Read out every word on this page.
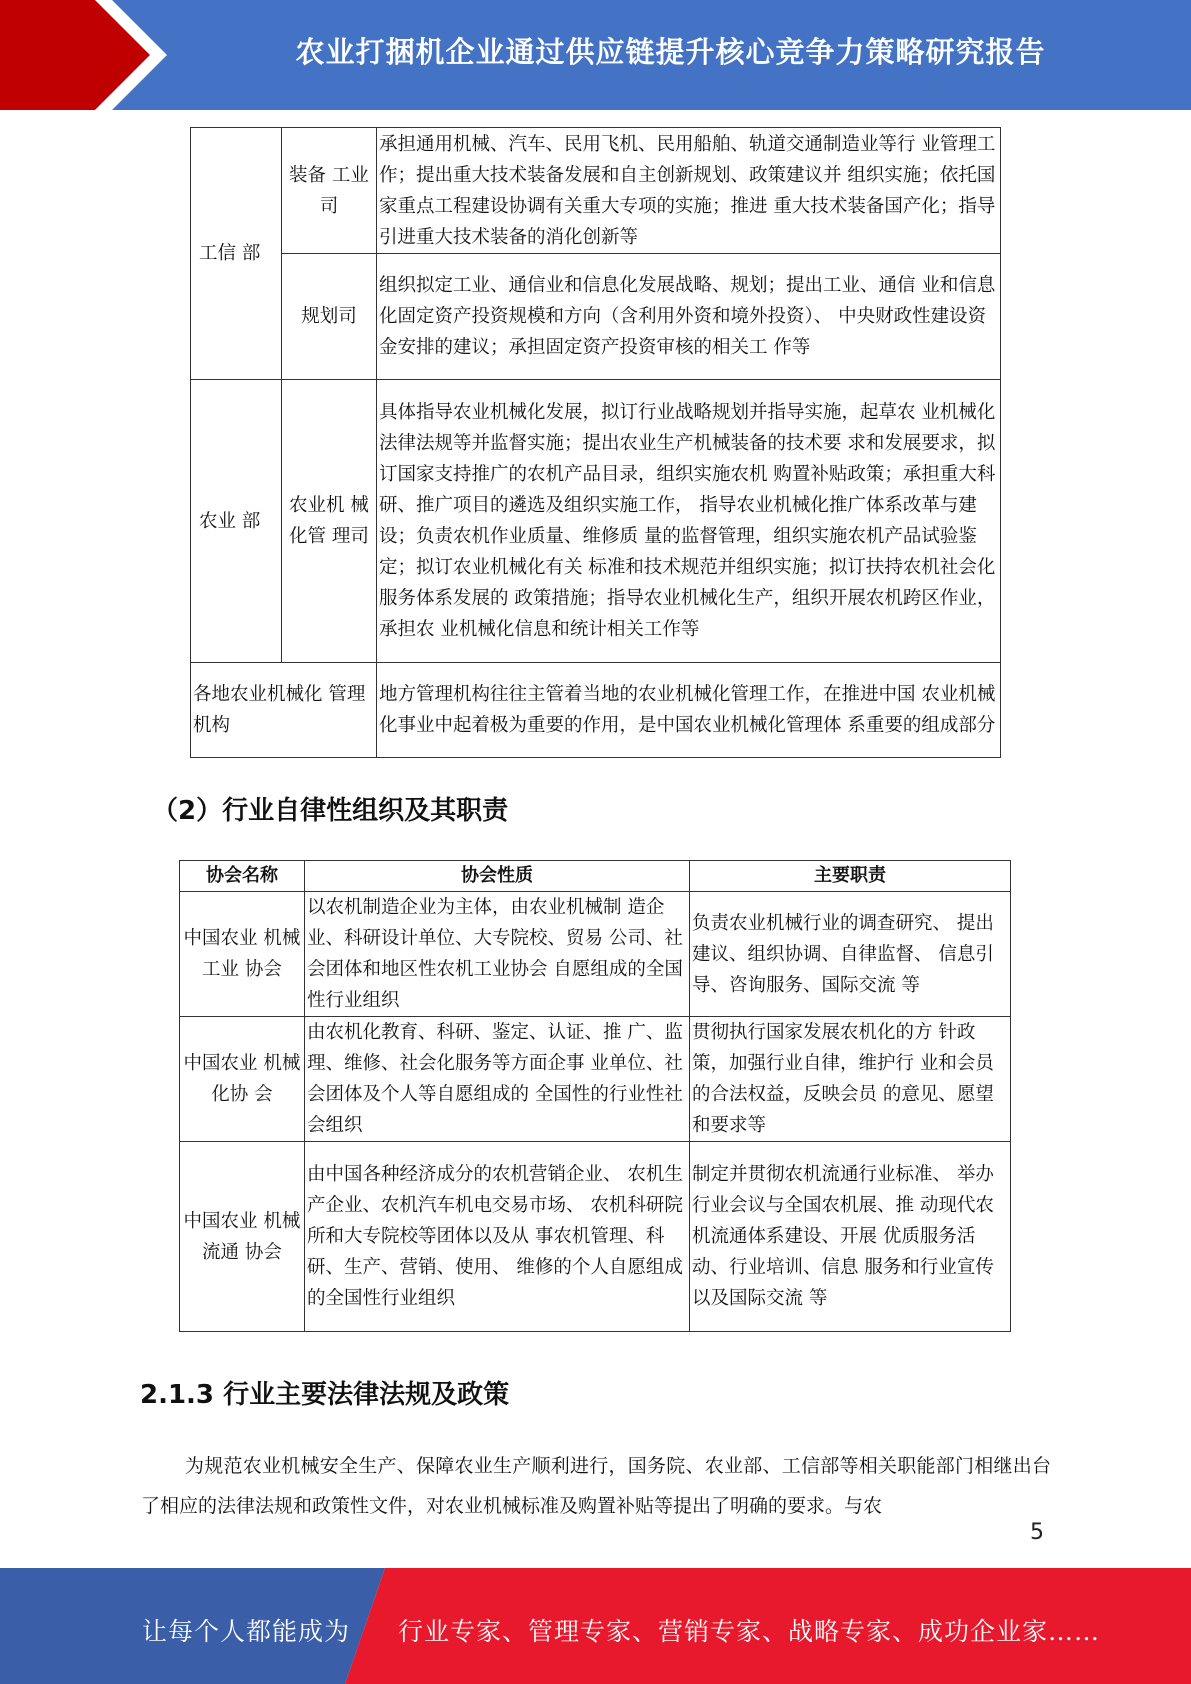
农业打捆机企业通过供应链提升核心竞争力策略研究报告
工信 部	装备 工业司	承担通用机械、汽车、民用飞机、民用船舶、轨道交通制造业等行 业管理工作；提出重大技术装备发展和自主创新规划、政策建议并 组织实施；依托国家重点工程建设协调有关重大专项的实施；推进 重大技术装备国产化；指导引进重大技术装备的消化创新等
	规划司	组织拟定工业、通信业和信息化发展战略、规划；提出工业、通信 业和信息化固定资产投资规模和方向（含利用外资和境外投资）、 中央财政性建设资金安排的建议；承担固定资产投资审核的相关工 作等
农业 部	农业机 械化管 理司	具体指导农业机械化发展，拟订行业战略规划并指导实施，起草农 业机械化法律法规等并监督实施；提出农业生产机械装备的技术要 求和发展要求，拟订国家支持推广的农机产品目录，组织实施农机 购置补贴政策；承担重大科研、推广项目的遴选及组织实施工作， 指导农业机械化推广体系改革与建设；负责农机作业质量、维修质 量的监督管理，组织实施农机产品试验鉴定；拟订农业机械化有关 标准和技术规范并组织实施；拟订扶持农机社会化服务体系发展的 政策措施；指导农业机械化生产，组织开展农机跨区作业，承担农 业机械化信息和统计相关工作等
各地农业机械化 管理机构		地方管理机构往往主管着当地的农业机械化管理工作，在推进中国 农业机械化事业中起着极为重要的作用，是中国农业机械化管理体 系重要的组成部分
（2）行业自律性组织及其职责
协会名称	协会性质	主要职责
中国农业 机械工业 协会	以农机制造企业为主体，由农业机械制 造企业、科研设计单位、大专院校、贸易 公司、社会团体和地区性农机工业协会 自愿组成的全国性行业组织	负责农业机械行业的调查研究、 提出建议、组织协调、自律监督、 信息引导、咨询服务、国际交流 等
中国农业 机械化协 会	由农机化教育、科研、鉴定、认证、推 广、监理、维修、社会化服务等方面企事 业单位、社会团体及个人等自愿组成的 全国性的行业性社会组织	贯彻执行国家发展农机化的方 针政策，加强行业自律，维护行 业和会员的合法权益，反映会员 的意见、愿望和要求等
中国农业 机械流通 协会	由中国各种经济成分的农机营销企业、 农机生产企业、农机汽车机电交易市场、 农机科研院所和大专院校等团体以及从 事农机管理、科研、生产、营销、使用、 维修的个人自愿组成的全国性行业组织	制定并贯彻农机流通行业标准、 举办行业会议与全国农机展、推 动现代农机流通体系建设、开展 优质服务活动、行业培训、信息 服务和行业宣传以及国际交流 等
2.1.3 行业主要法律法规及政策
为规范农业机械安全生产、保障农业生产顺利进行，国务院、农业部、工信部等相关职能部门相继出台了相应的法律法规和政策性文件，对农业机械标准及购置补贴等提出了明确的要求。与农
5
让每个人都能成为 行业专家、管理专家、营销专家、战略专家、成功企业家……
